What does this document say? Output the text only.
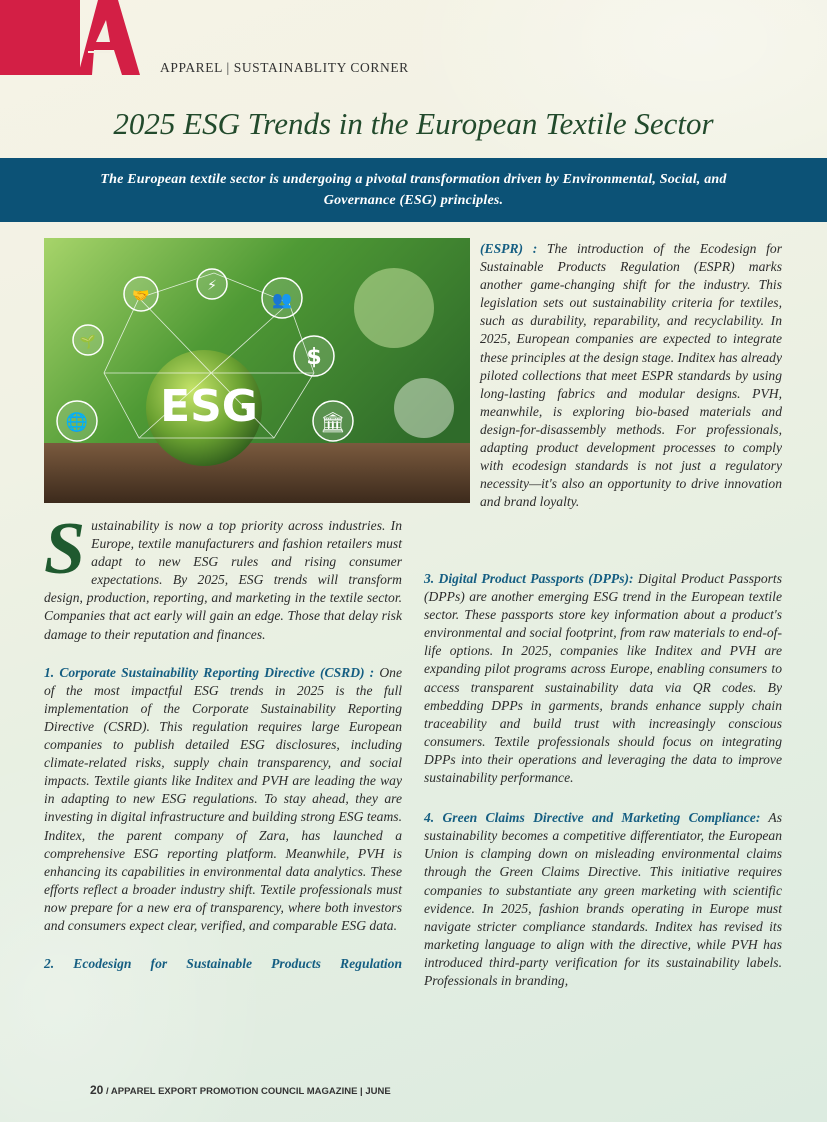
APPAREL | SUSTAINABLITY CORNER
2025 ESG Trends in the European Textile Sector
The European textile sector is undergoing a pivotal transformation driven by Environmental, Social, and Governance (ESG) principles.
ESG
$
🏛
🌐
👥
🤝
🌱
⚡

Sustainability is now a top priority across industries. In Europe, textile manufacturers and fashion retailers must adapt to new ESG rules and rising consumer expectations. By 2025, ESG trends will transform design, production, reporting, and marketing in the textile sector. Companies that act early will gain an edge. Those that delay risk damage to their reputation and finances.

1. Corporate Sustainability Reporting Directive (CSRD) : One of the most impactful ESG trends in 2025 is the full implementation of the Corporate Sustainability Reporting Directive (CSRD). This regulation requires large European companies to publish detailed ESG disclosures, including climate-related risks, supply chain transparency, and social impacts. Textile giants like Inditex and PVH are leading the way in adapting to new ESG regulations. To stay ahead, they are investing in digital infrastructure and building strong ESG teams. Inditex, the parent company of Zara, has launched a comprehensive ESG reporting platform. Meanwhile, PVH is enhancing its capabilities in environmental data analytics. These efforts reflect a broader industry shift. Textile professionals must now prepare for a new era of transparency, where both investors and consumers expect clear, verified, and comparable ESG data.

2. Ecodesign for Sustainable Products Regulation

(ESPR) : The introduction of the Ecodesign for Sustainable Products Regulation (ESPR) marks another game-changing shift for the industry. This legislation sets out sustainability criteria for textiles, such as durability, reparability, and recyclability. In 2025, European companies are expected to integrate these principles at the design stage. Inditex has already piloted collections that meet ESPR standards by using long-lasting fabrics and modular designs. PVH, meanwhile, is exploring bio-based materials and design-for-disassembly methods. For professionals, adapting product development processes to comply with ecodesign standards is not just a regulatory necessity—it's also an opportunity to drive innovation and brand loyalty.

3. Digital Product Passports (DPPs): Digital Product Passports (DPPs) are another emerging ESG trend in the European textile sector. These passports store key information about a product's environmental and social footprint, from raw materials to end-of-life options. In 2025, companies like Inditex and PVH are expanding pilot programs across Europe, enabling consumers to access transparent sustainability data via QR codes. By embedding DPPs in garments, brands enhance supply chain traceability and build trust with increasingly conscious consumers. Textile professionals should focus on integrating DPPs into their operations and leveraging the data to improve sustainability performance.

4. Green Claims Directive and Marketing Compliance: As sustainability becomes a competitive differentiator, the European Union is clamping down on misleading environmental claims through the Green Claims Directive. This initiative requires companies to substantiate any green marketing with scientific evidence. In 2025, fashion brands operating in Europe must navigate stricter compliance standards. Inditex has revised its marketing language to align with the directive, while PVH has introduced third-party verification for its sustainability labels. Professionals in branding,

20 / APPAREL EXPORT PROMOTION COUNCIL MAGAZINE | JUNE
